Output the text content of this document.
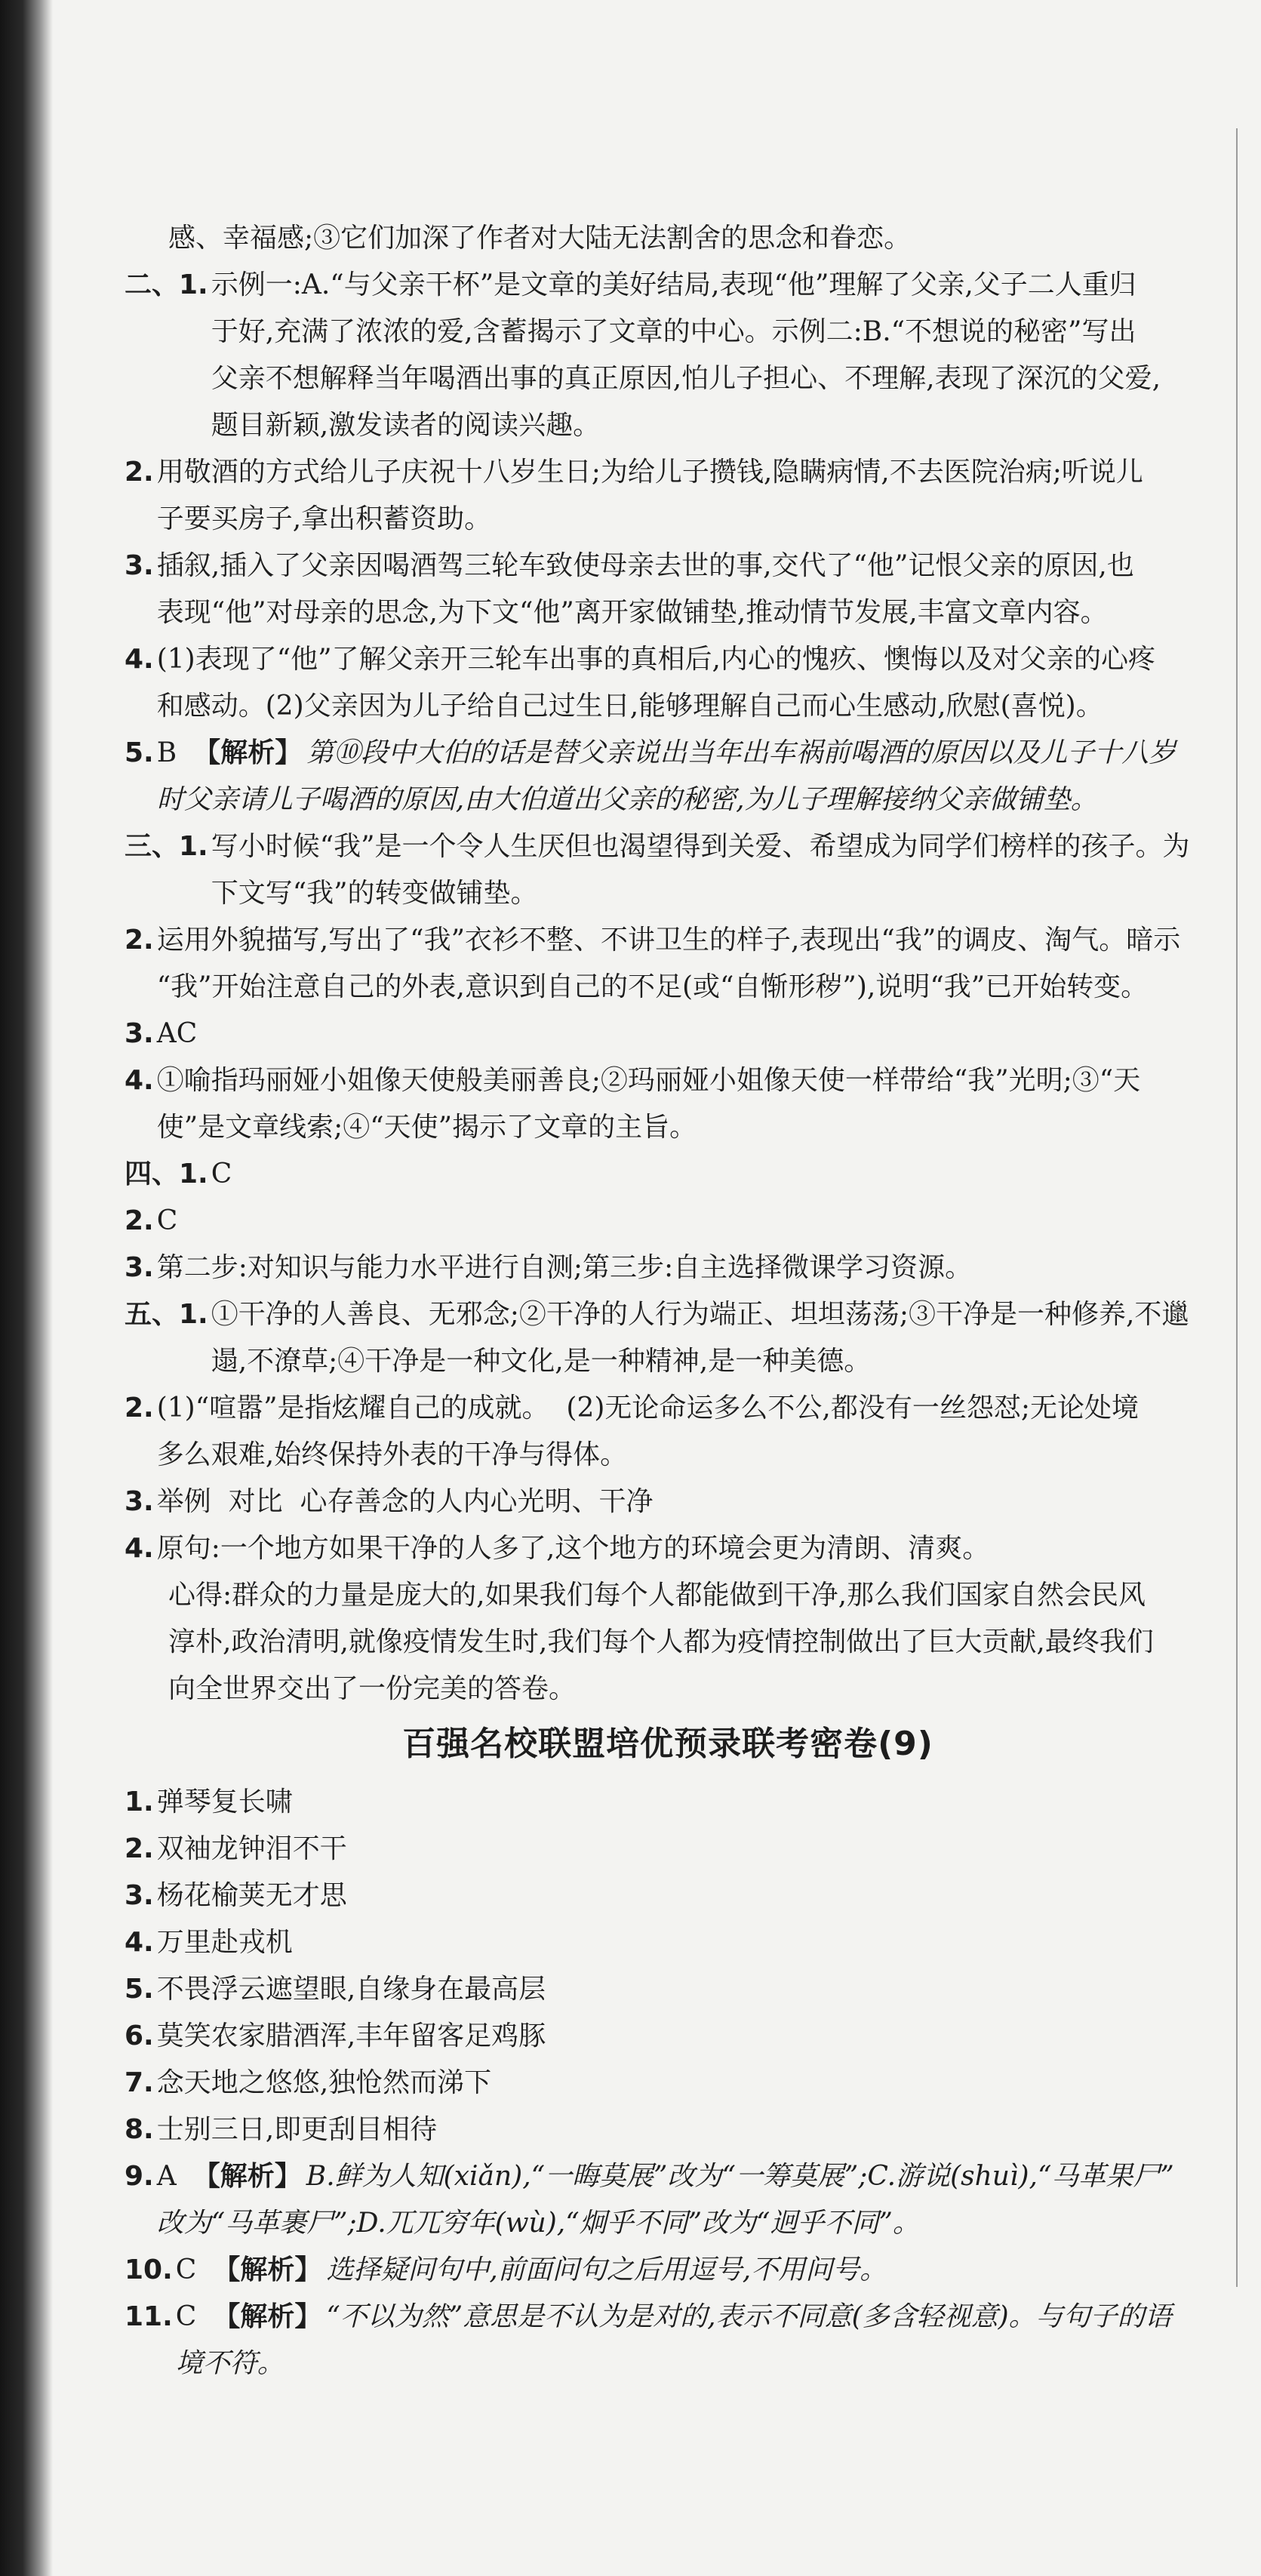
感、幸福感;③它们加深了作者对大陆无法割舍的思念和眷恋。
二、1. 示例一:A.“与父亲干杯”是文章的美好结局,表现“他”理解了父亲,父子二人重归
于好,充满了浓浓的爱,含蓄揭示了文章的中心。示例二:B.“不想说的秘密”写出
父亲不想解释当年喝酒出事的真正原因,怕儿子担心、不理解,表现了深沉的父爱,
题目新颖,激发读者的阅读兴趣。
2. 用敬酒的方式给儿子庆祝十八岁生日;为给儿子攒钱,隐瞒病情,不去医院治病;听说儿
子要买房子,拿出积蓄资助。
3. 插叙,插入了父亲因喝酒驾三轮车致使母亲去世的事,交代了“他”记恨父亲的原因,也
表现“他”对母亲的思念,为下文“他”离开家做铺垫,推动情节发展,丰富文章内容。
4. (1)表现了“他”了解父亲开三轮车出事的真相后,内心的愧疚、懊悔以及对父亲的心疼
和感动。(2)父亲因为儿子给自己过生日,能够理解自己而心生感动,欣慰(喜悦)。
5. B 【解析】 第⑩段中大伯的话是替父亲说出当年出车祸前喝酒的原因以及儿子十八岁
时父亲请儿子喝酒的原因,由大伯道出父亲的秘密,为儿子理解接纳父亲做铺垫。
三、1. 写小时候“我”是一个令人生厌但也渴望得到关爱、希望成为同学们榜样的孩子。为
下文写“我”的转变做铺垫。
2. 运用外貌描写,写出了“我”衣衫不整、不讲卫生的样子,表现出“我”的调皮、淘气。暗示
“我”开始注意自己的外表,意识到自己的不足(或“自惭形秽”),说明“我”已开始转变。
3. AC
4. ①喻指玛丽娅小姐像天使般美丽善良;②玛丽娅小姐像天使一样带给“我”光明;③“天
使”是文章线索;④“天使”揭示了文章的主旨。
四、1. C
2. C
3. 第二步:对知识与能力水平进行自测;第三步:自主选择微课学习资源。
五、1. ①干净的人善良、无邪念;②干净的人行为端正、坦坦荡荡;③干净是一种修养,不邋
遢,不潦草;④干净是一种文化,是一种精神,是一种美德。
2. (1)“喧嚣”是指炫耀自己的成就。  (2)无论命运多么不公,都没有一丝怨怼;无论处境
多么艰难,始终保持外表的干净与得体。
3. 举例  对比  心存善念的人内心光明、干净
4. 原句:一个地方如果干净的人多了,这个地方的环境会更为清朗、清爽。
心得:群众的力量是庞大的,如果我们每个人都能做到干净,那么我们国家自然会民风
淳朴,政治清明,就像疫情发生时,我们每个人都为疫情控制做出了巨大贡献,最终我们
向全世界交出了一份完美的答卷。
百强名校联盟培优预录联考密卷(9)
1. 弹琴复长啸
2. 双袖龙钟泪不干
3. 杨花榆荚无才思
4. 万里赴戎机
5. 不畏浮云遮望眼,自缘身在最高层
6. 莫笑农家腊酒浑,丰年留客足鸡豚
7. 念天地之悠悠,独怆然而涕下
8. 士别三日,即更刮目相待
9. A 【解析】 B.鲜为人知(xiǎn),“一晦莫展”改为“一筹莫展”;C.游说(shuì),“马革果尸”
改为“马革裹尸”;D.兀兀穷年(wù),“炯乎不同”改为“迥乎不同”。
10. C 【解析】 选择疑问句中,前面问句之后用逗号,不用问号。
11. C 【解析】 “不以为然”意思是不认为是对的,表示不同意(多含轻视意)。与句子的语
境不符。
